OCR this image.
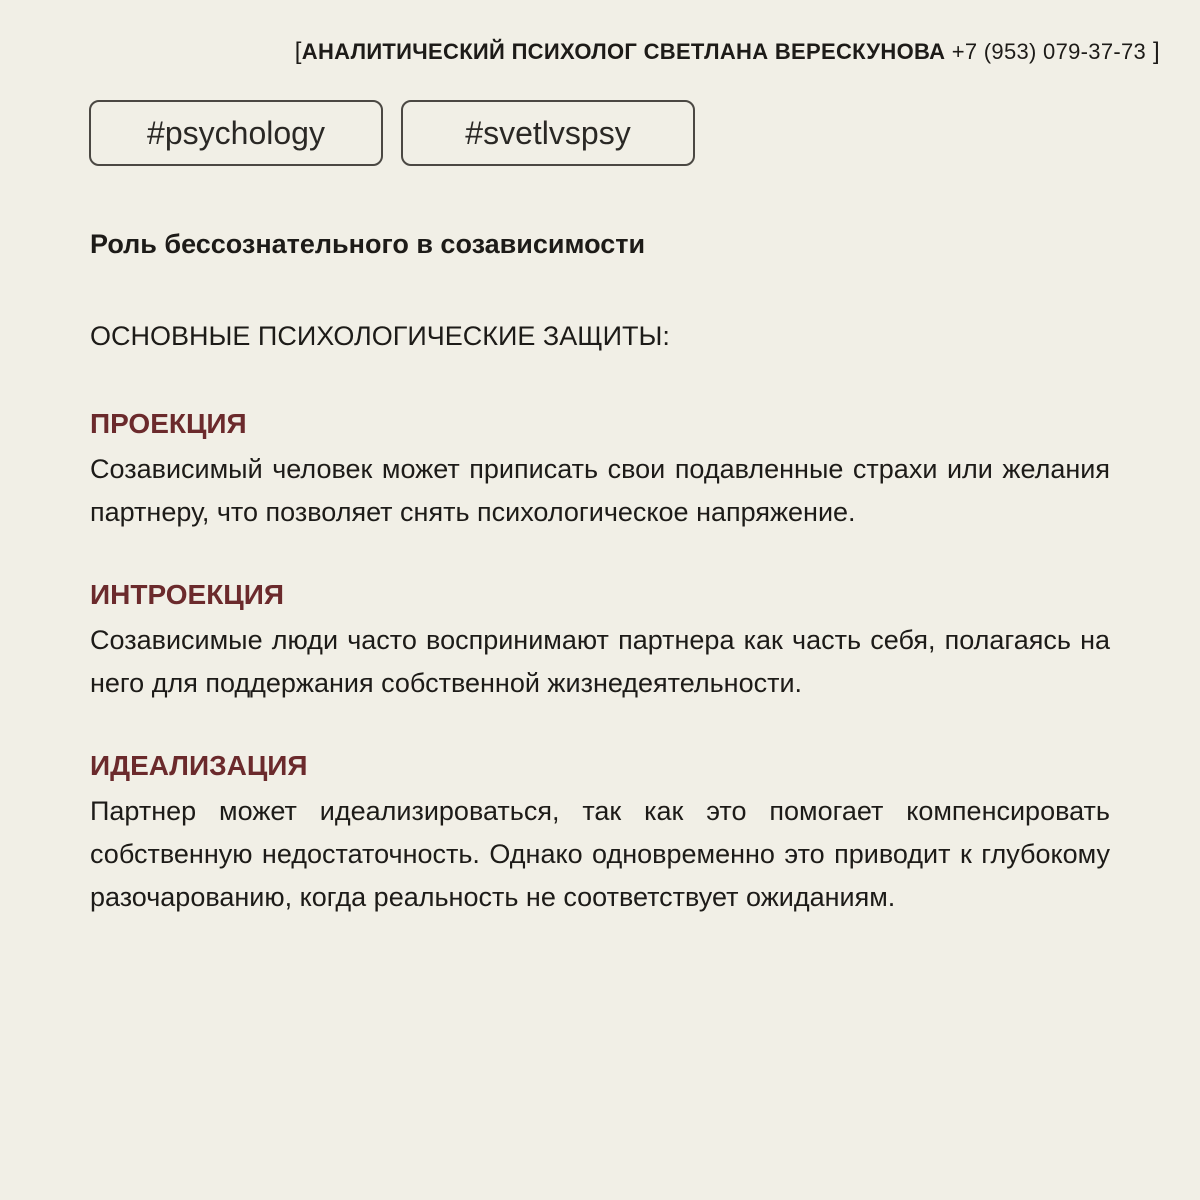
[АНАЛИТИЧЕСКИЙ ПСИХОЛОГ СВЕТЛАНА ВЕРЕСКУНОВА +7 (953) 079-37-73 ]
#psychology	#svetlvspsy

Роль бессознательного в созависимости

ОСНОВНЫЕ ПСИХОЛОГИЧЕСКИЕ ЗАЩИТЫ:

ПРОЕКЦИЯ

Созависимый человек может приписать свои подавленные страхи или желания партнеру, что позволяет снять психологическое напряжение.

ИНТРОЕКЦИЯ

Созависимые люди часто воспринимают партнера как часть себя, полагаясь на него для поддержания собственной жизнедеятельности.

ИДЕАЛИЗАЦИЯ

Партнер может идеализироваться, так как это помогает компенсировать собственную недостаточность. Однако одновременно это приводит к глубокому разочарованию, когда реальность не соответствует ожиданиям.
